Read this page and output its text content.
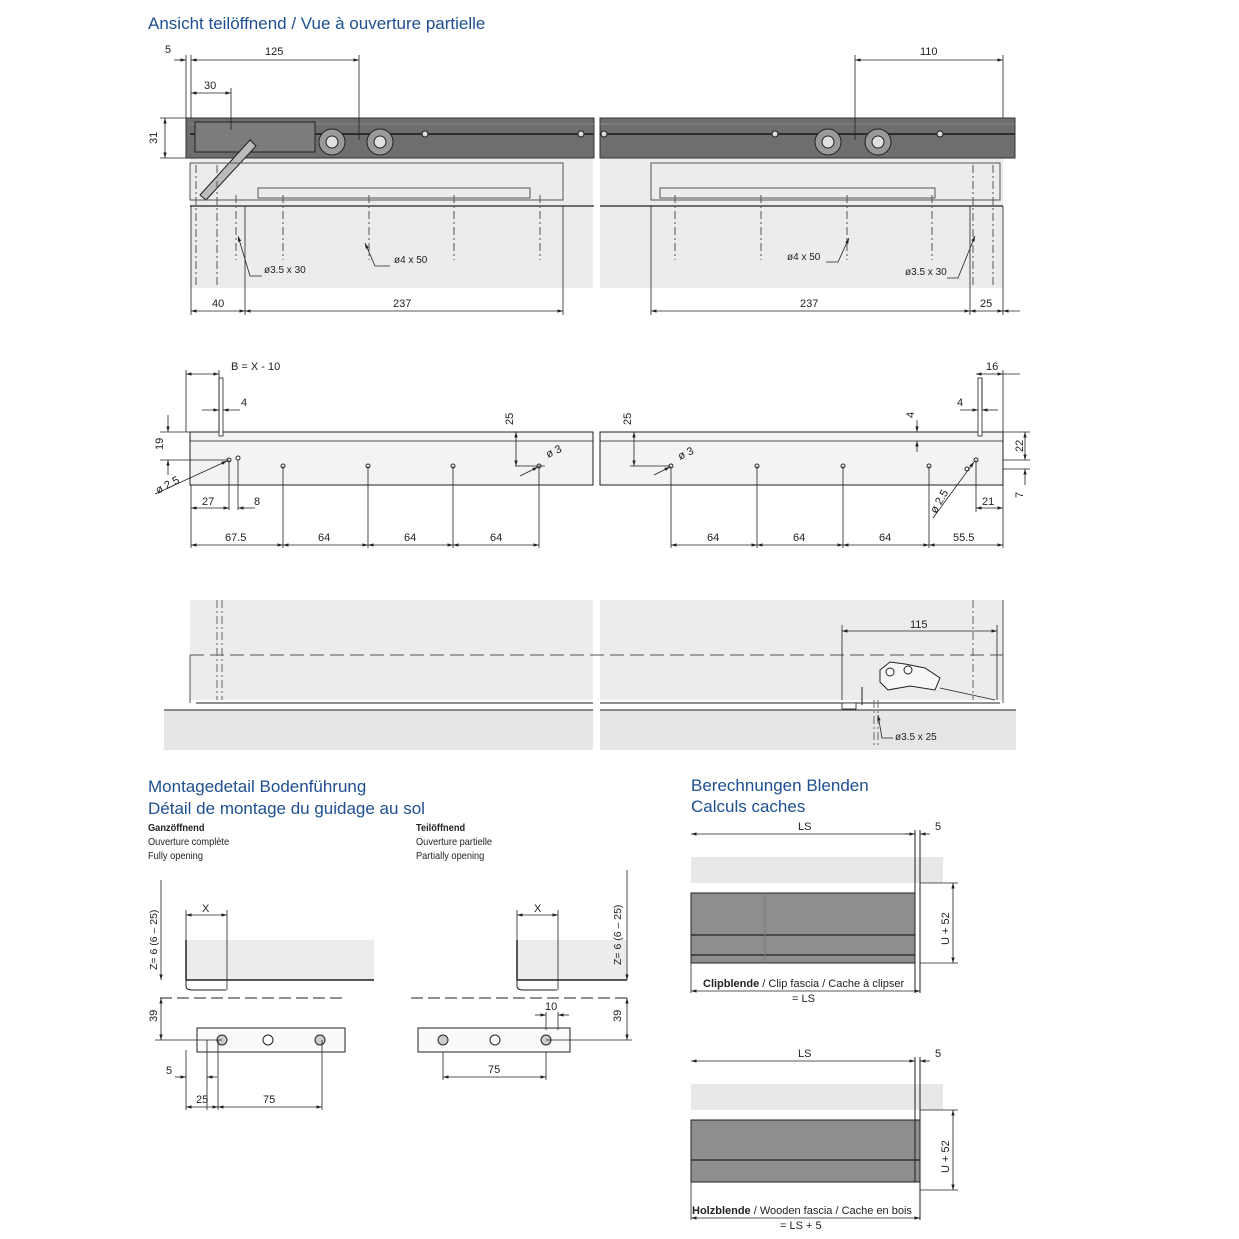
Ansicht teilöffnend / Vue à ouverture partielle
Montagedetail Bodenführung
Détail de montage du guidage au sol
Berechnungen Blenden
Calculs caches
Ganzöffnend
Ouverture complète
Fully opening
Teilöffnend
Ouverture partielle
Partially opening
5	125
30
31
110
ø3.5 x 30
ø4 x 50	ø4 x 50
ø3.5 x 30
40	237	237	25
B = X - 10
4
19
25
ø 3
ø 2.5
27	8
67.5	64	64	64
16
4
4
25
ø 3	22
7
ø 2.5	21
64	64	64	55.5
115
ø3.5 x 25
Z= 6 (6 – 25)
X
39
5
25	75
X	Z= 6 (6 – 25)
10
39
75
LS	5
U + 52
Clipblende / Clip fascia / Cache à clipser
= LS
LS	5
U + 52
Holzblende / Wooden fascia / Cache en bois
= LS + 5
